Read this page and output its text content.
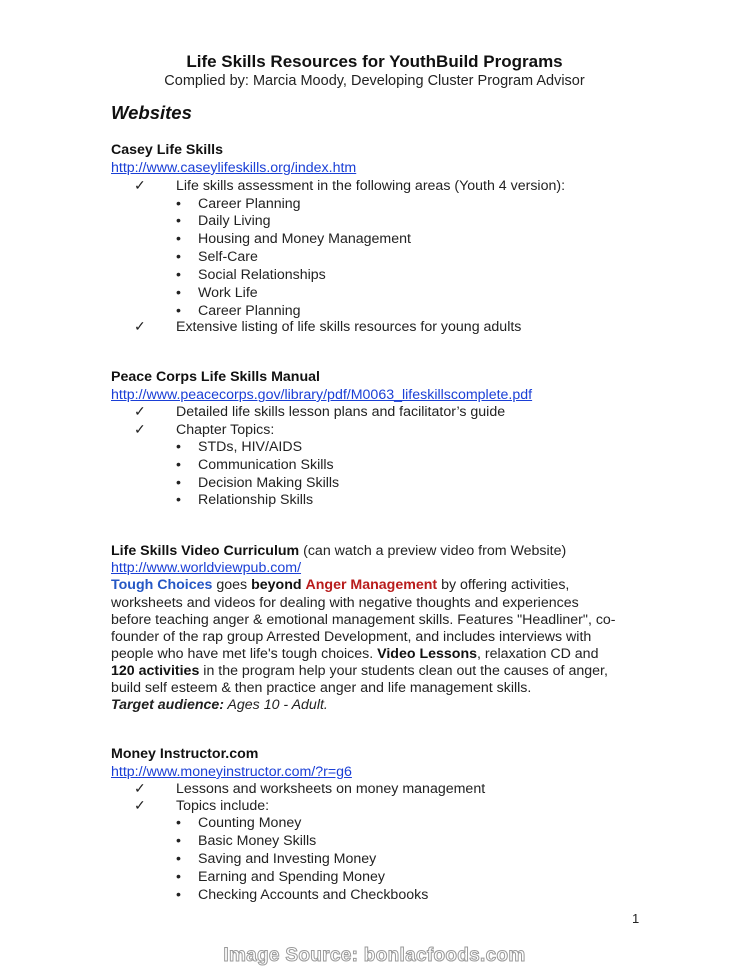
Life Skills Resources for YouthBuild Programs
Complied by: Marcia Moody, Developing Cluster Program Advisor
Websites
Casey Life Skills
http://www.caseylifeskills.org/index.htm
✓ Life skills assessment in the following areas (Youth 4 version):
• Career Planning
• Daily Living
• Housing and Money Management
• Self-Care
• Social Relationships
• Work Life
• Career Planning
✓ Extensive listing of life skills resources for young adults
Peace Corps Life Skills Manual
http://www.peacecorps.gov/library/pdf/M0063_lifeskillscomplete.pdf
✓ Detailed life skills lesson plans and facilitator’s guide
✓ Chapter Topics:
• STDs, HIV/AIDS
• Communication Skills
• Decision Making Skills
• Relationship Skills
Life Skills Video Curriculum (can watch a preview video from Website)
http://www.worldviewpub.com/
Tough Choices goes beyond Anger Management by offering activities,
worksheets and videos for dealing with negative thoughts and experiences
before teaching anger & emotional management skills. Features "Headliner", co-
founder of the rap group Arrested Development, and includes interviews with
people who have met life's tough choices. Video Lessons, relaxation CD and
120 activities in the program help your students clean out the causes of anger,
build self esteem & then practice anger and life management skills.
Target audience: Ages 10 - Adult.
Money Instructor.com
http://www.moneyinstructor.com/?r=g6
✓ Lessons and worksheets on money management
✓ Topics include:
• Counting Money
• Basic Money Skills
• Saving and Investing Money
• Earning and Spending Money
• Checking Accounts and Checkbooks
1
Image Source: bonlacfoods.com
